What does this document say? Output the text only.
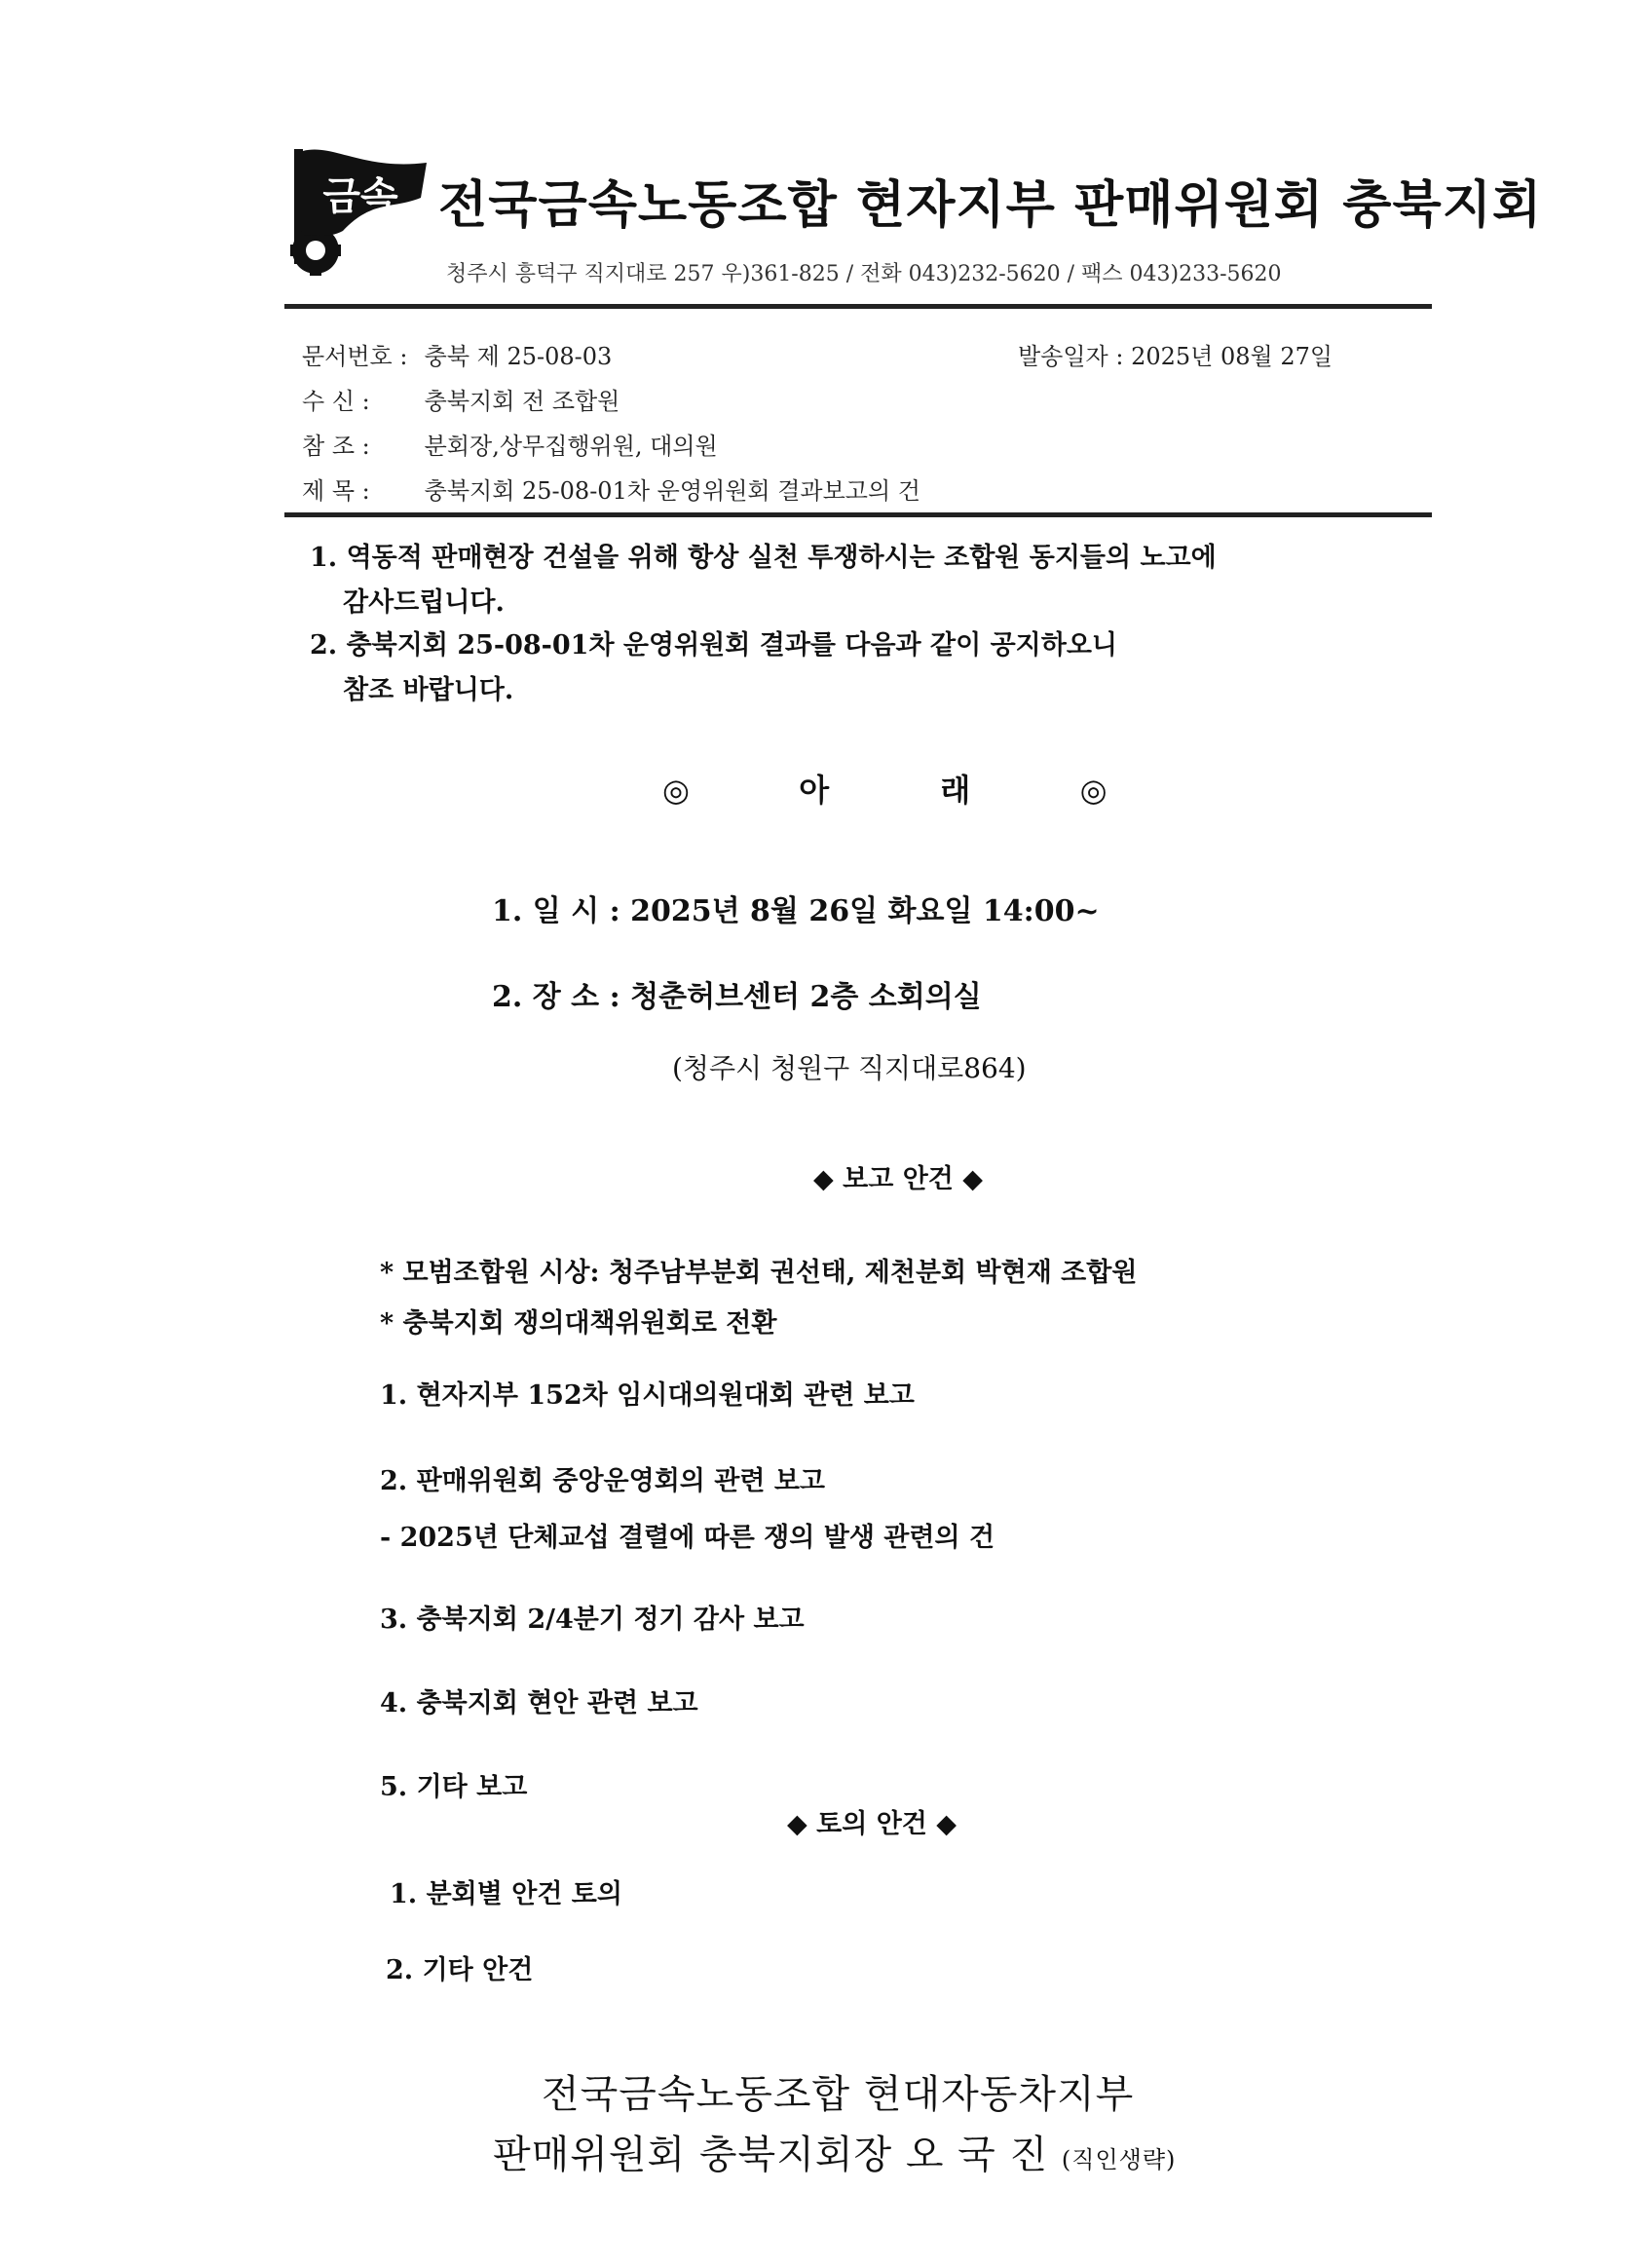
금속 전국금속노동조합 현자지부 판매위원회 충북지회
청주시 흥덕구 직지대로 257 우)361-825 / 전화 043)232-5620 / 팩스 043)233-5620
문서번호 : 충북 제 25-08-03	발송일자 : 2025년 08월 27일
수 신 : 충북지회 전 조합원
참 조 : 분회장,상무집행위원, 대의원
제 목 : 충북지회 25-08-01차 운영위원회 결과보고의 건
1. 역동적 판매현장 건설을 위해 항상 실천 투쟁하시는 조합원 동지들의 노고에
감사드립니다.
2. 충북지회 25-08-01차 운영위원회 결과를 다음과 같이 공지하오니
참조 바랍니다.
◎	아	래	◎
1. 일 시 : 2025년 8월 26일 화요일 14:00~
2. 장 소 : 청춘허브센터 2층 소회의실
(청주시 청원구 직지대로864)
◆ 보고 안건 ◆
* 모범조합원 시상: 청주남부분회 권선태, 제천분회 박현재 조합원
* 충북지회 쟁의대책위원회로 전환
1. 현자지부 152차 임시대의원대회 관련 보고
2. 판매위원회 중앙운영회의 관련 보고
- 2025년 단체교섭 결렬에 따른 쟁의 발생 관련의 건
3. 충북지회 2/4분기 정기 감사 보고
4. 충북지회 현안 관련 보고
5. 기타 보고
◆ 토의 안건 ◆
1. 분회별 안건 토의
2. 기타 안건
전국금속노동조합 현대자동차지부
판매위원회 충북지회장 오 국 진 (직인생략)
